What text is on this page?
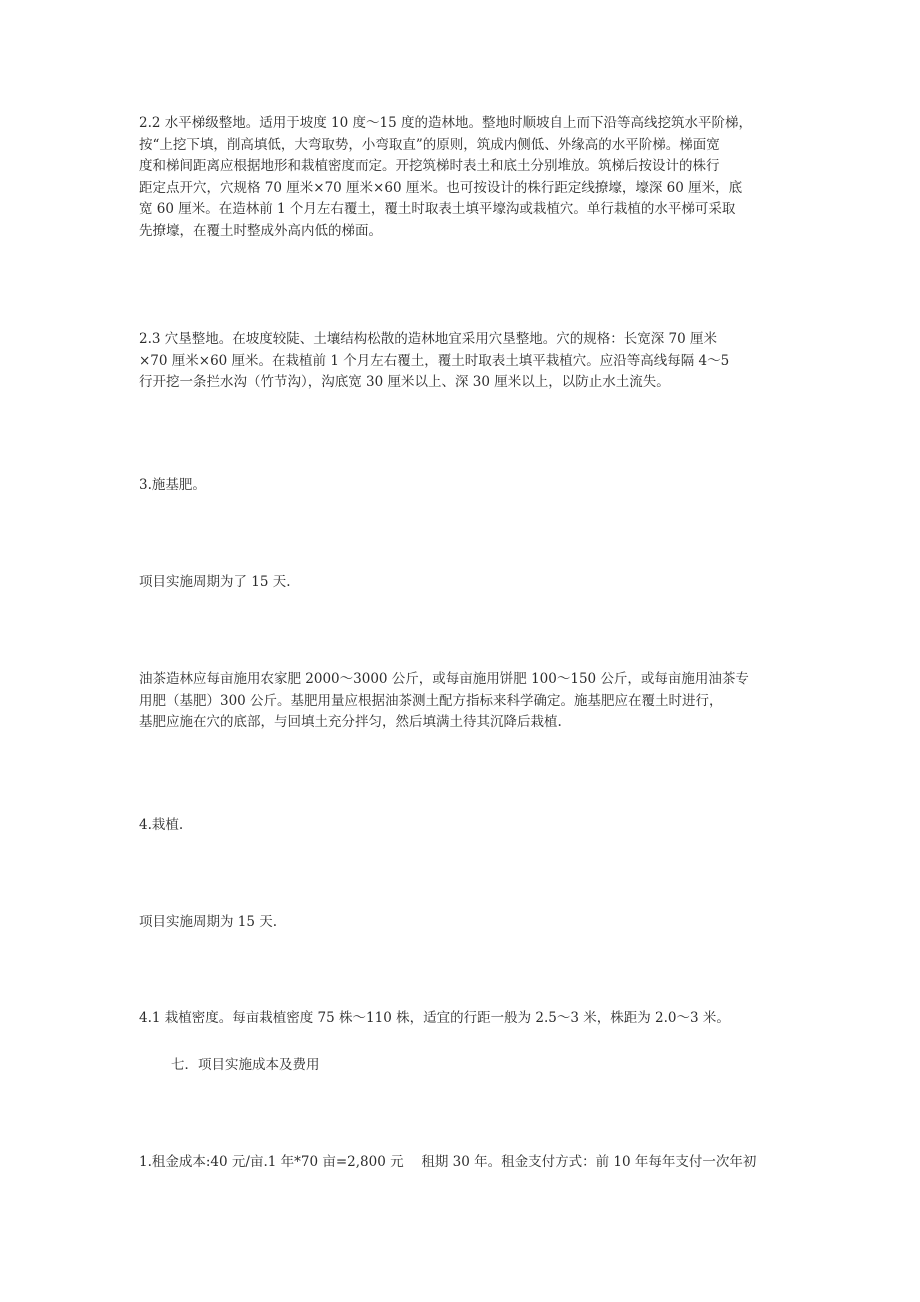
2.2 水平梯级整地。适用于坡度 10 度～15 度的造林地。整地时顺坡自上而下沿等高线挖筑水平阶梯，
按“上挖下填，削高填低，大弯取势，小弯取直”的原则，筑成内侧低、外缘高的水平阶梯。梯面宽
度和梯间距离应根据地形和栽植密度而定。开挖筑梯时表土和底土分别堆放。筑梯后按设计的株行
距定点开穴，穴规格 70 厘米×70 厘米×60 厘米。也可按设计的株行距定线撩壕，壕深 60 厘米，底
宽 60 厘米。在造林前 1 个月左右覆土，覆土时取表土填平壕沟或栽植穴。单行栽植的水平梯可采取
先撩壕，在覆土时整成外高内低的梯面。

2.3 穴垦整地。在坡度较陡、土壤结构松散的造林地宜采用穴垦整地。穴的规格：长宽深 70 厘米
×70 厘米×60 厘米。在栽植前 1 个月左右覆土，覆土时取表土填平栽植穴。应沿等高线每隔 4～5
行开挖一条拦水沟（竹节沟），沟底宽 30 厘米以上、深 30 厘米以上，以防止水土流失。

3.施基肥。

项目实施周期为了 15 天.

油茶造林应每亩施用农家肥 2000～3000 公斤，或每亩施用饼肥 100～150 公斤，或每亩施用油茶专
用肥（基肥）300 公斤。基肥用量应根据油茶测土配方指标来科学确定。施基肥应在覆土时进行，
基肥应施在穴的底部，与回填土充分拌匀，然后填满土待其沉降后栽植.

4.栽植.

项目实施周期为 15 天.

4.1 栽植密度。每亩栽植密度 75 株～110 株，适宜的行距一般为 2.5～3 米，株距为 2.0～3 米。

七．项目实施成本及费用

1.租金成本:40 元/亩.1 年*70 亩=2,800 元　 租期 30 年。租金支付方式：前 10 年每年支付一次年初
